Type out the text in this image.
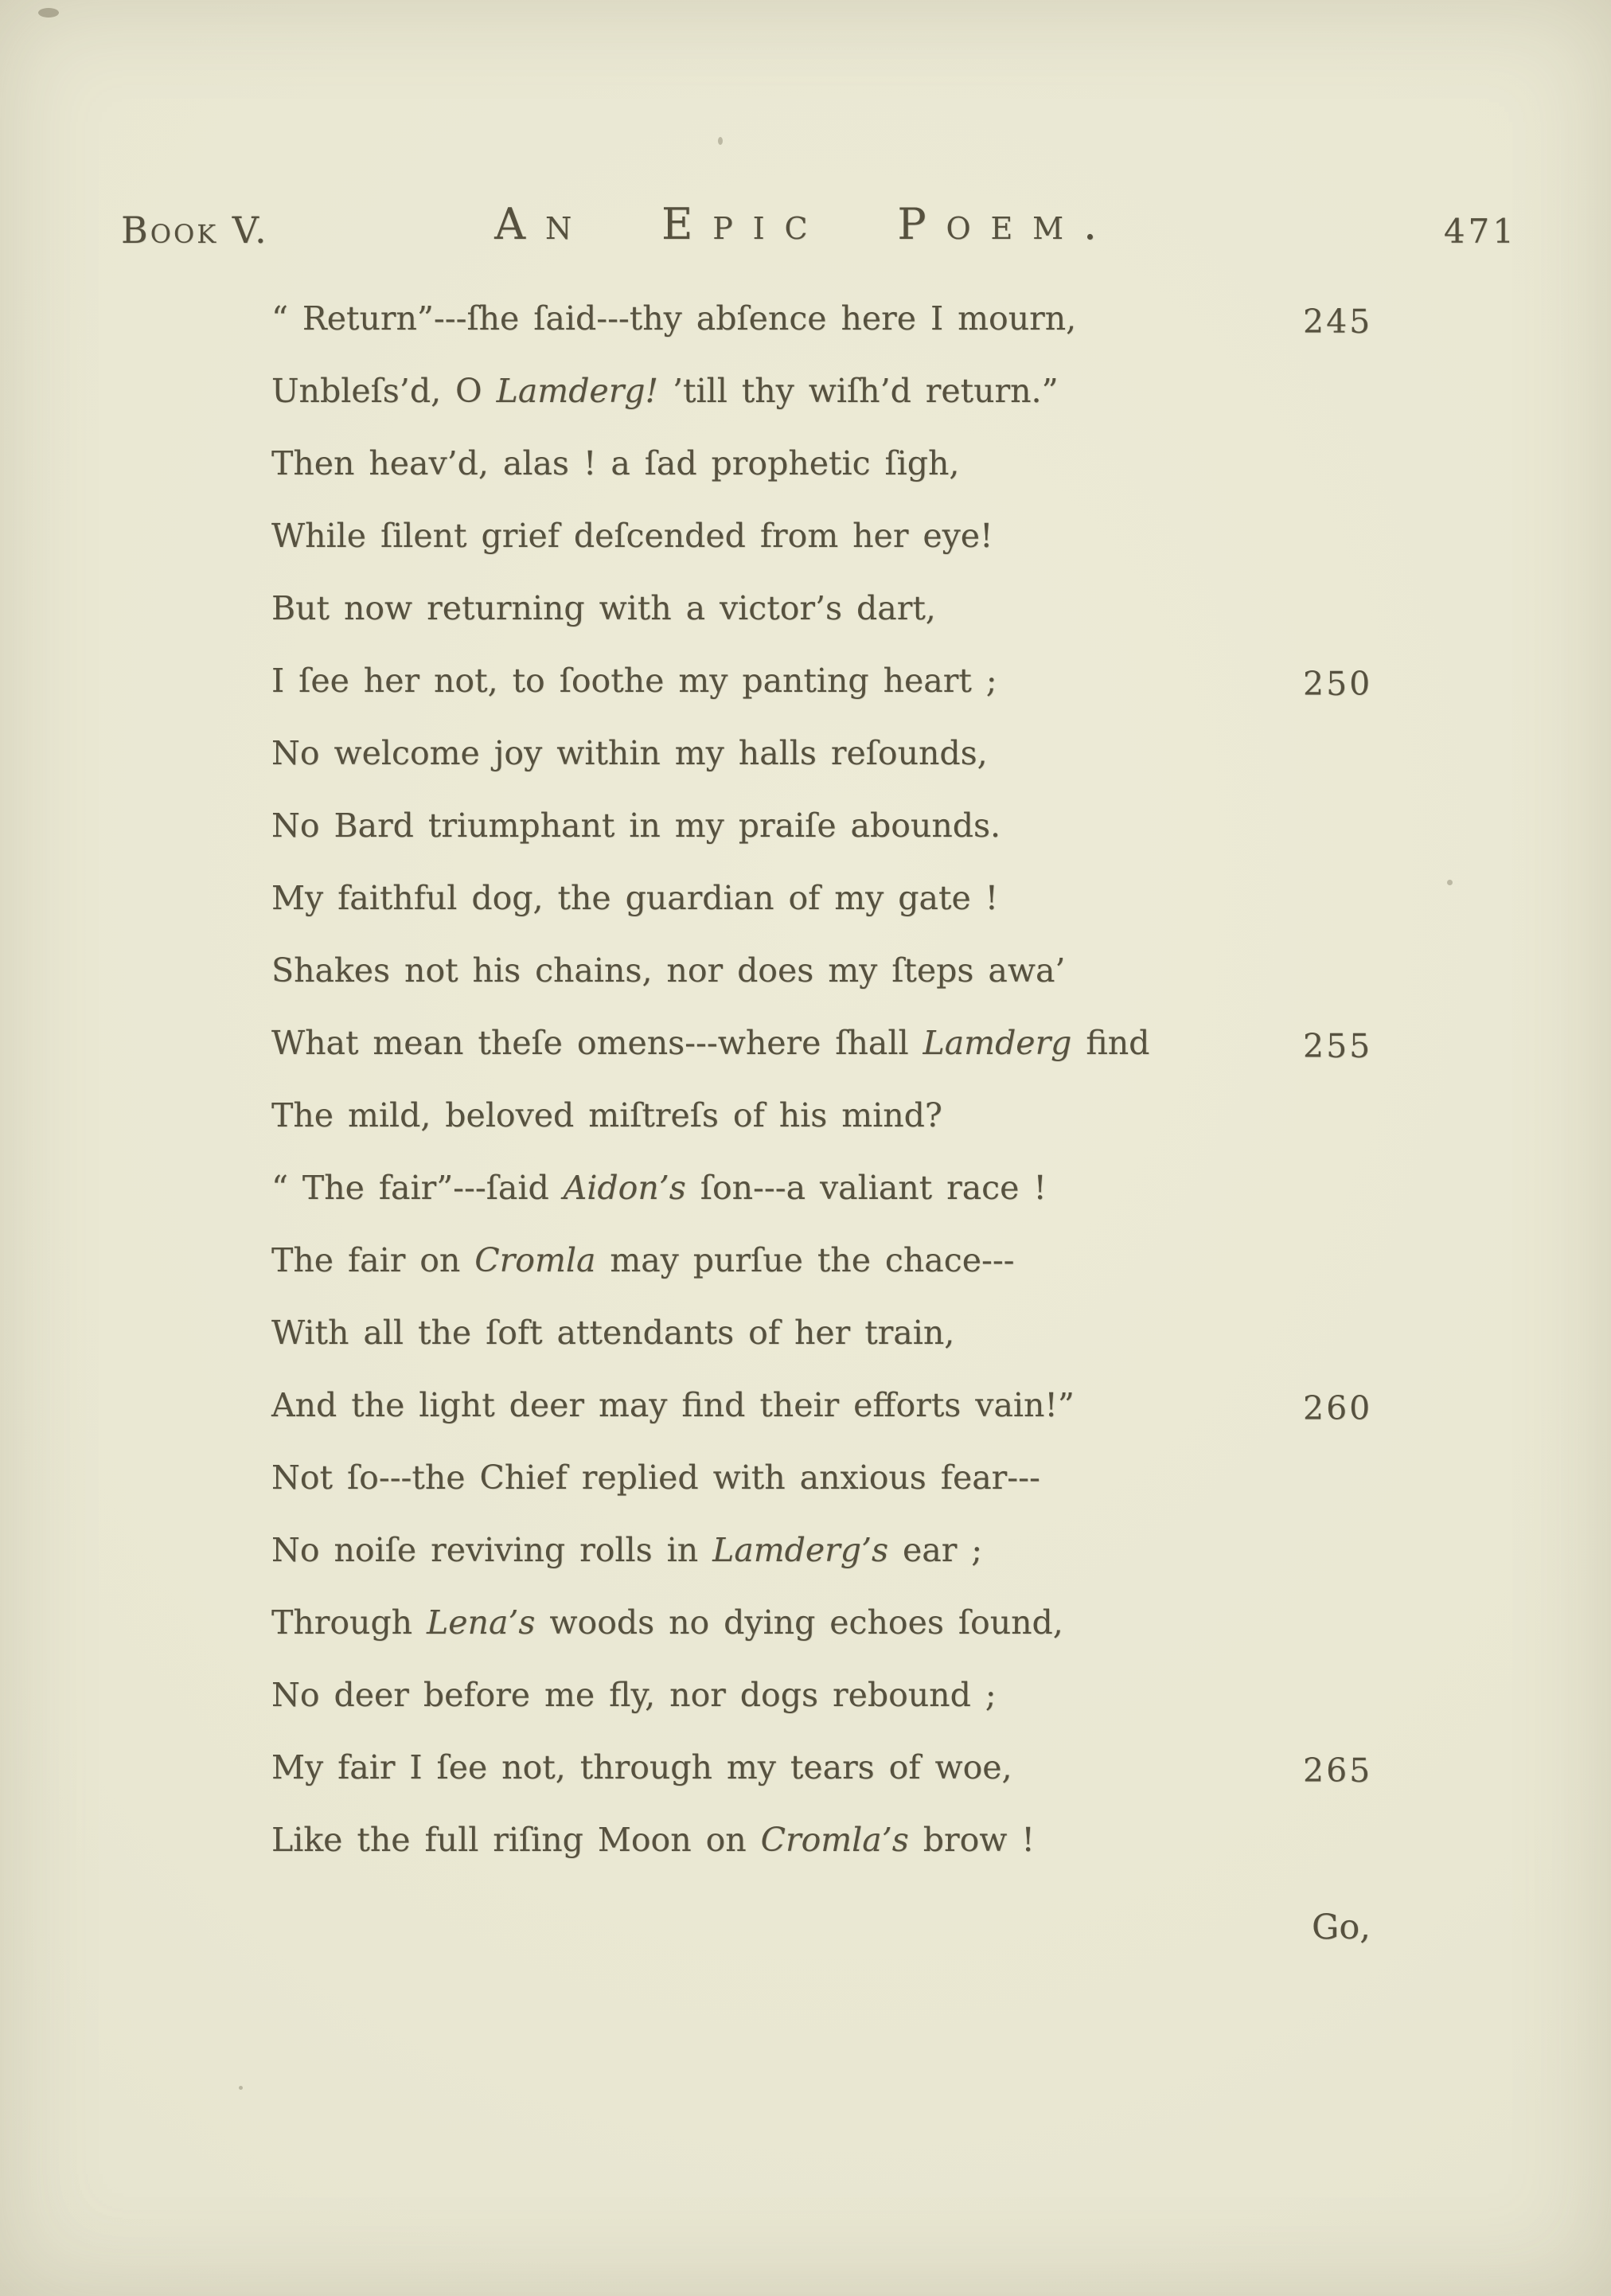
Book V.	An Epic Poem.	471
“ Return”---ſhe ſaid---thy abſence here I mourn,	245
Unbleſs’d, O Lamderg! ’till thy wiſh’d return.”
Then heav’d, alas ! a ſad prophetic ſigh,
While ſilent grief deſcended from her eye!
But now returning with a victor’s dart,
I ſee her not, to ſoothe my panting heart ;	250
No welcome joy within my halls reſounds,
No Bard triumphant in my praiſe abounds.
My faithful dog, the guardian of my gate !
Shakes not his chains, nor does my ſteps awa’
What mean theſe omens---where ſhall Lamderg find	255
The mild, beloved miſtreſs of his mind?
“ The fair”---ſaid Aidon’s ſon---a valiant race !
The fair on Cromla may purſue the chace---
With all the ſoft attendants of her train,
And the light deer may find their efforts vain!”	260
Not ſo---the Chief replied with anxious fear---
No noiſe reviving rolls in Lamderg’s ear ;
Through Lena’s woods no dying echoes ſound,
No deer before me fly, nor dogs rebound ;
My fair I ſee not, through my tears of woe,	265
Like the full riſing Moon on Cromla’s brow !
Go,
